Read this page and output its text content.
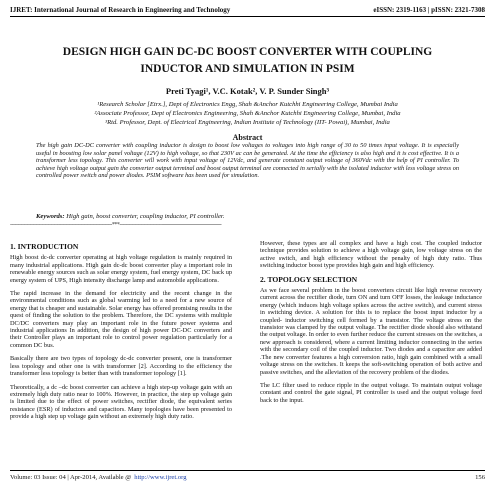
IJRET: International Journal of Research in Engineering and Technology	eISSN: 2319-1163 | pISSN: 2321-7308
DESIGN HIGH GAIN DC-DC BOOST CONVERTER WITH COUPLING
INDUCTOR AND SIMULATION IN PSIM
Preti Tyagi¹, V.C. Kotak², V. P. Sunder Singh³
¹Research Scholar [Etrx.], Dept of Electronics Engg, Shah &Anchor Kutchhi Engineering College, Mumbai India
²Associate Professor, Dept of Electronics Engineering, Shah &Anchor Kutchhi Engineering College, Mumbai, India
³Rtd. Professor, Dept. of Electrical Engineering, Indian Institute of Technology (IIT- Powai), Mumbai, India
Abstract
The high gain DC-DC converter with coupling inductor is design to boost low voltages to voltages into high range of 30 to 50 times input voltage. It is especially useful in boosting low solar panel voltage (12V) to high voltage, so that 230V ac can be generated. At the time the efficiency is also high and it is cost effective. It is a transformer less topology. This converter will work with input voltage of 12Vdc, and generate constant output voltage of 360Vdc with the help of PI controller. To achieve high voltage output gain the converter output terminal and boost output terminal are connected in serially with the isolated inductor with less voltage stress on controlled power switch and power diodes. PSIM software has been used for simulation.
Keywords: High gain, boost converter, coupling inductor, PI controller.
--------------------------------------------------------------------***--------------------------------------------------------------------
1. INTRODUCTION

High boost dc-dc converter operating at high voltage regulation is mainly required in many industrial applications. High gain dc-dc boost converter play a important role in renewable energy sources such as solar energy system, fuel energy system, DC back up energy system of UPS, High intensity discharge lamp and automobile applications.

The rapid increase in the demand for electricity and the recent change in the environmental conditions such as global warming led to a need for a new source of energy that is cheaper and sustainable. Solar energy has offered promising results in the quest of finding the solution to the problem. Therefore, the DC systems with multiple DC/DC converters may play an important role in the future power systems and industrial applications In addition, the design of high power DC-DC converters and their Controller plays an important role to control power regulation particularly for a common DC bus.

Basically there are two types of topology dc-dc converter present, one is transformer less topology and other one is with transformer [2]. According to the efficiency the transformer less topology is better than with transformer topology [1].

Theoretically, a dc –dc boost converter can achieve a high step-up voltage gain with an extremely high duty ratio near to 100%. However, in practice, the step up voltage gain is limited due to the effect of power switches, rectifier diode, the equivalent series resistance (ESR) of inductors and capacitors. Many topologies have been presented to provide a high step up voltage gain without an extremely high duty ratio.

However, these types are all complex and have a high cost. The coupled inductor technique provides solution to achieve a high voltage gain, low voltage stress on the active switch, and high efficiency without the penalty of high duty ratio. Thus switching inductor boost type provides high gain and high efficiency.

2. TOPOLOGY SELECTION

As we face several problem in the boost converters circuit like high reverse recovery current across the rectifier diode, turn ON and turn OFF losses, the leakage inductance energy (which induces high voltage spikes across the active switch), and current stress in switching device. A solution for this is to replace the boost input inductor by a coupled- inductor switching cell formed by a transistor. The voltage stress on the transistor was clamped by the output voltage. The rectifier diode should also withstand the output voltage. In order to even further reduce the current stresses on the switches, a new approach is considered, where a current limiting inductor connecting in the series with the secondary coil of the coupled inductor. Two diodes and a capacitor are added .The new converter features a high conversion ratio, high gain combined with a small voltage stress on the switches. It keeps the soft-switching operation of both active and passive switches, and the alleviation of the recovery problem of the diodes.

The LC filter used to reduce ripple in the output voltage. To maintain output voltage constant and control the gate signal, PI controller is used and the output voltage feed back to the input.

Volume: 03 Issue: 04 | Apr-2014, Available @ http://www.ijret.org	156
